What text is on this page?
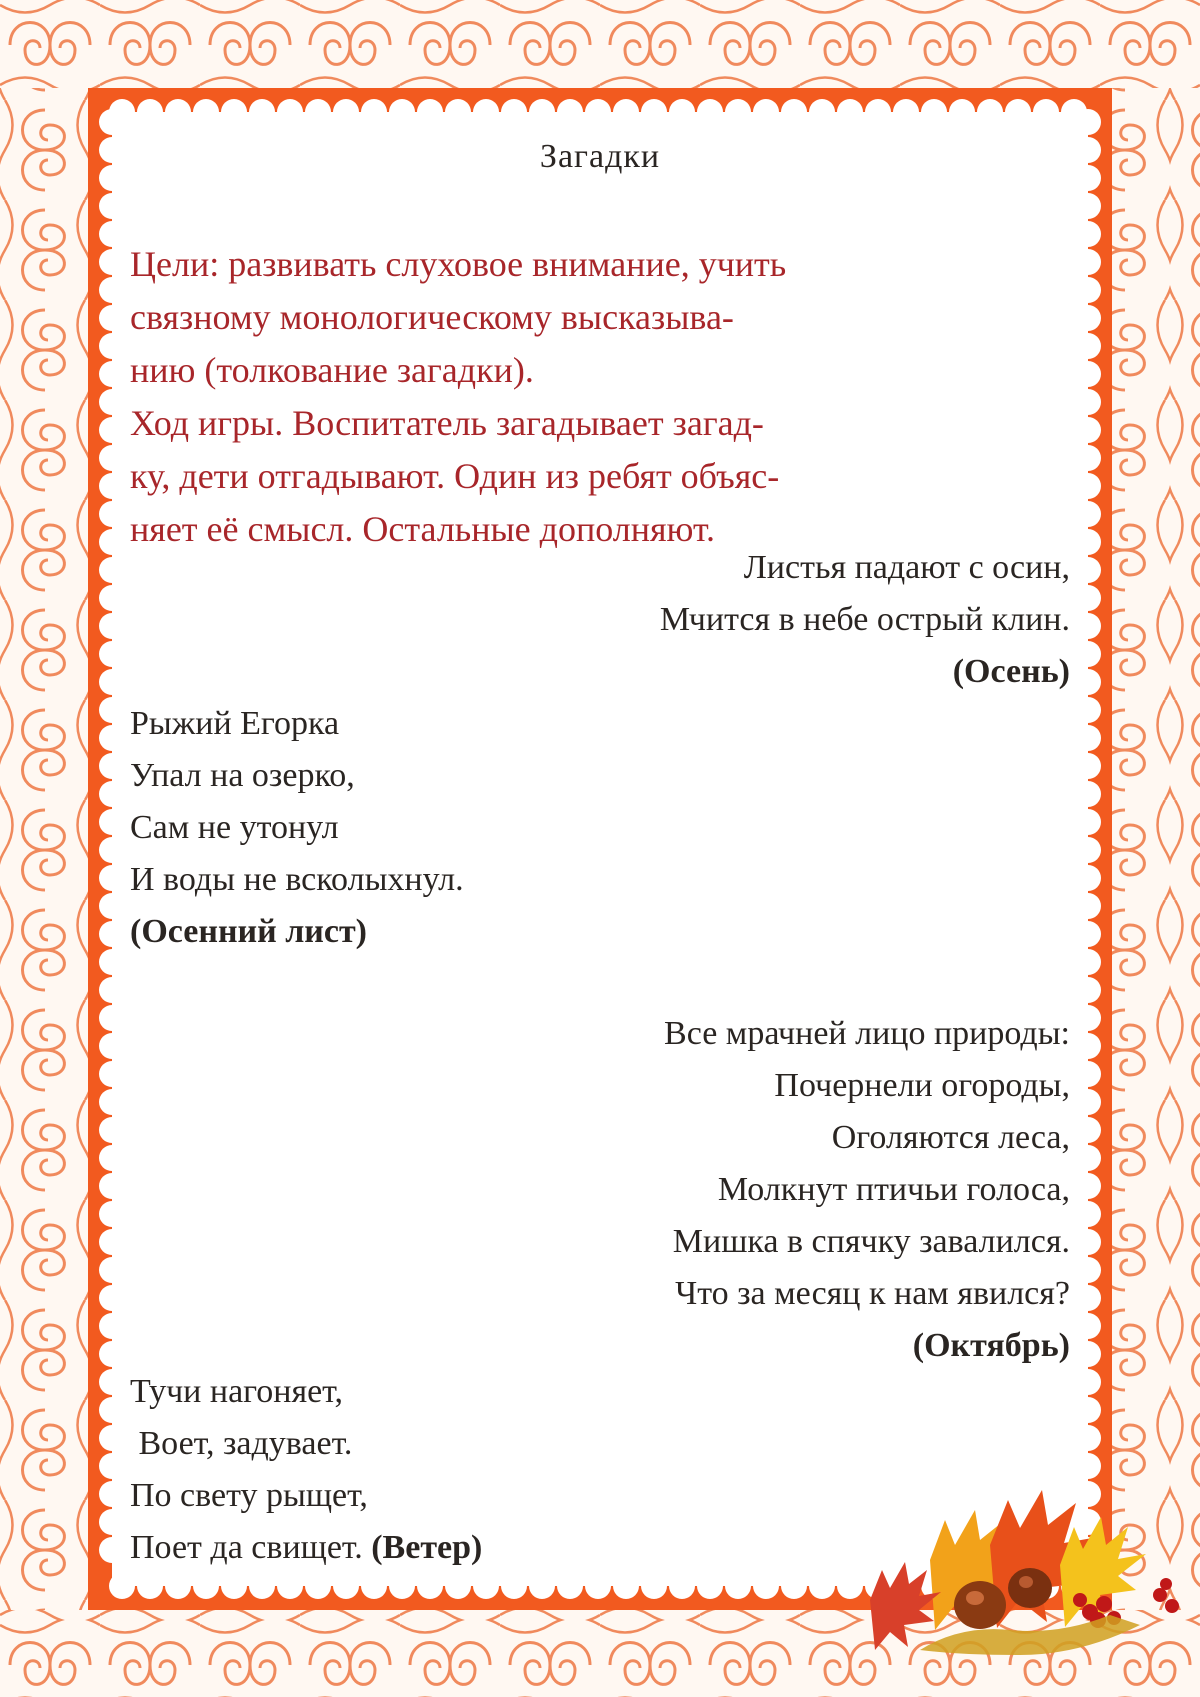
Загадки
Цели: развивать слуховое внимание, учить
связному монологическому высказыва-
нию (толкование загадки).
Ход игры. Воспитатель загадывает загад-
ку, дети отгадывают. Один из ребят объяс-
няет её смысл. Остальные дополняют.
Листья падают с осин,
Мчится в небе острый клин.
(Осень)
Рыжий Егорка
Упал на озерко,
Сам не утонул
И воды не всколыхнул.
(Осенний лист)
Все мрачней лицо природы:
Почернели огороды,
Оголяются леса,
Молкнут птичьи голоса,
Мишка в спячку завалился.
Что за месяц к нам явился?
(Октябрь)
Тучи нагоняет,
Воет, задувает.
По свету рыщет,
Поет да свищет. (Ветер)
